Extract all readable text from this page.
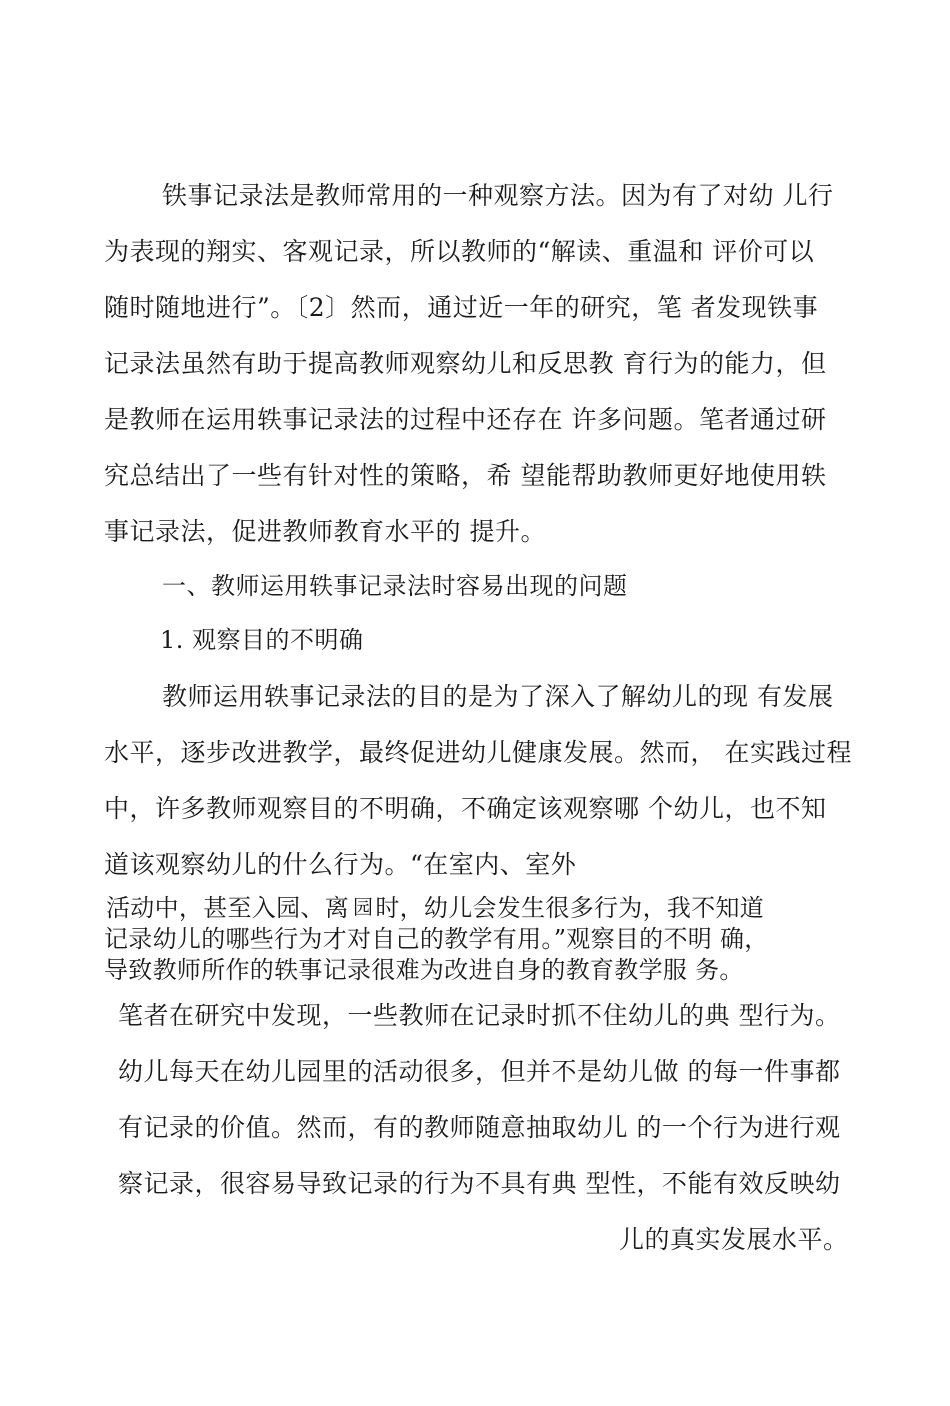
铁事记录法是教师常用的一种观察方法。因为有了对幼 儿行

为表现的翔实、客观记录，所以教师的“解读、重温和 评价可以

随时随地进行”。〔2〕然而，通过近一年的研究，笔 者发现铁事

记录法虽然有助于提高教师观察幼儿和反思教 育行为的能力，但

是教师在运用轶事记录法的过程中还存在 许多问题。笔者通过研

究总结出了一些有针对性的策略，希 望能帮助教师更好地使用轶

事记录法，促进教师教育水平的 提升。

一、教师运用轶事记录法时容易出现的问题

1. 观察目的不明确

教师运用轶事记录法的目的是为了深入了解幼儿的现 有发展

水平，逐步改进教学，最终促进幼儿健康发展。然而， 在实践过程

中，许多教师观察目的不明确，不确定该观察哪 个幼儿，也不知

道该观察幼儿的什么行为。“在室内、室外

活动中，甚至入园、离 园时，幼儿会发生很多行为，我不知道

记录幼儿的哪些行为才对自己的教学有用。”观察目的不明 确，

导致教师所作的轶事记录很难为改进自身的教育教学服 务。

笔者在研究中发现，一些教师在记录时抓不住幼儿的典 型行为。

幼儿每天在幼儿园里的活动很多，但并不是幼儿做 的每一件事都

有记录的价值。然而，有的教师随意抽取幼儿 的一个行为进行观

察记录，很容易导致记录的行为不具有典 型性，不能有效反映幼

儿的真实发展水平。
